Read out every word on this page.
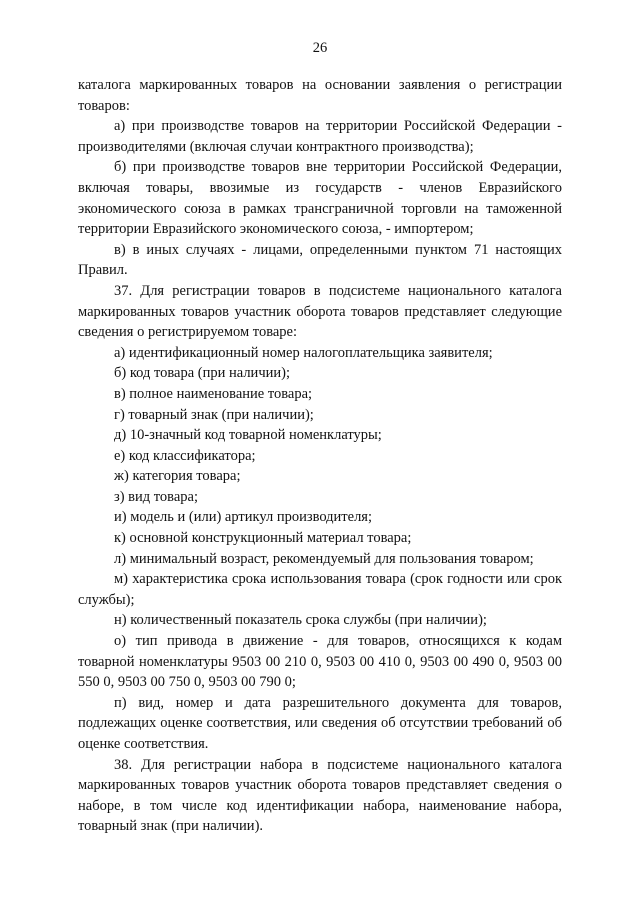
26

каталога маркированных товаров на основании заявления о регистрации товаров:

а) при производстве товаров на территории Российской Федерации - производителями (включая случаи контрактного производства);

б) при производстве товаров вне территории Российской Федерации, включая товары, ввозимые из государств - членов Евразийского экономического союза в рамках трансграничной торговли на таможенной территории Евразийского экономического союза, - импортером;

в) в иных случаях - лицами, определенными пунктом 71 настоящих Правил.

37. Для регистрации товаров в подсистеме национального каталога маркированных товаров участник оборота товаров представляет следующие сведения о регистрируемом товаре:

а) идентификационный номер налогоплательщика заявителя;

б) код товара (при наличии);

в) полное наименование товара;

г) товарный знак (при наличии);

д) 10-значный код товарной номенклатуры;

е) код классификатора;

ж) категория товара;

з) вид товара;

и) модель и (или) артикул производителя;

к) основной конструкционный материал товара;

л) минимальный возраст, рекомендуемый для пользования товаром;

м) характеристика срока использования товара (срок годности или срок службы);

н) количественный показатель срока службы (при наличии);

о) тип привода в движение - для товаров, относящихся к кодам товарной номенклатуры 9503 00 210 0, 9503 00 410 0, 9503 00 490 0, 9503 00 550 0, 9503 00 750 0, 9503 00 790 0;

п) вид, номер и дата разрешительного документа для товаров, подлежащих оценке соответствия, или сведения об отсутствии требований об оценке соответствия.

38. Для регистрации набора в подсистеме национального каталога маркированных товаров участник оборота товаров представляет сведения о наборе, в том числе код идентификации набора, наименование набора, товарный знак (при наличии).
